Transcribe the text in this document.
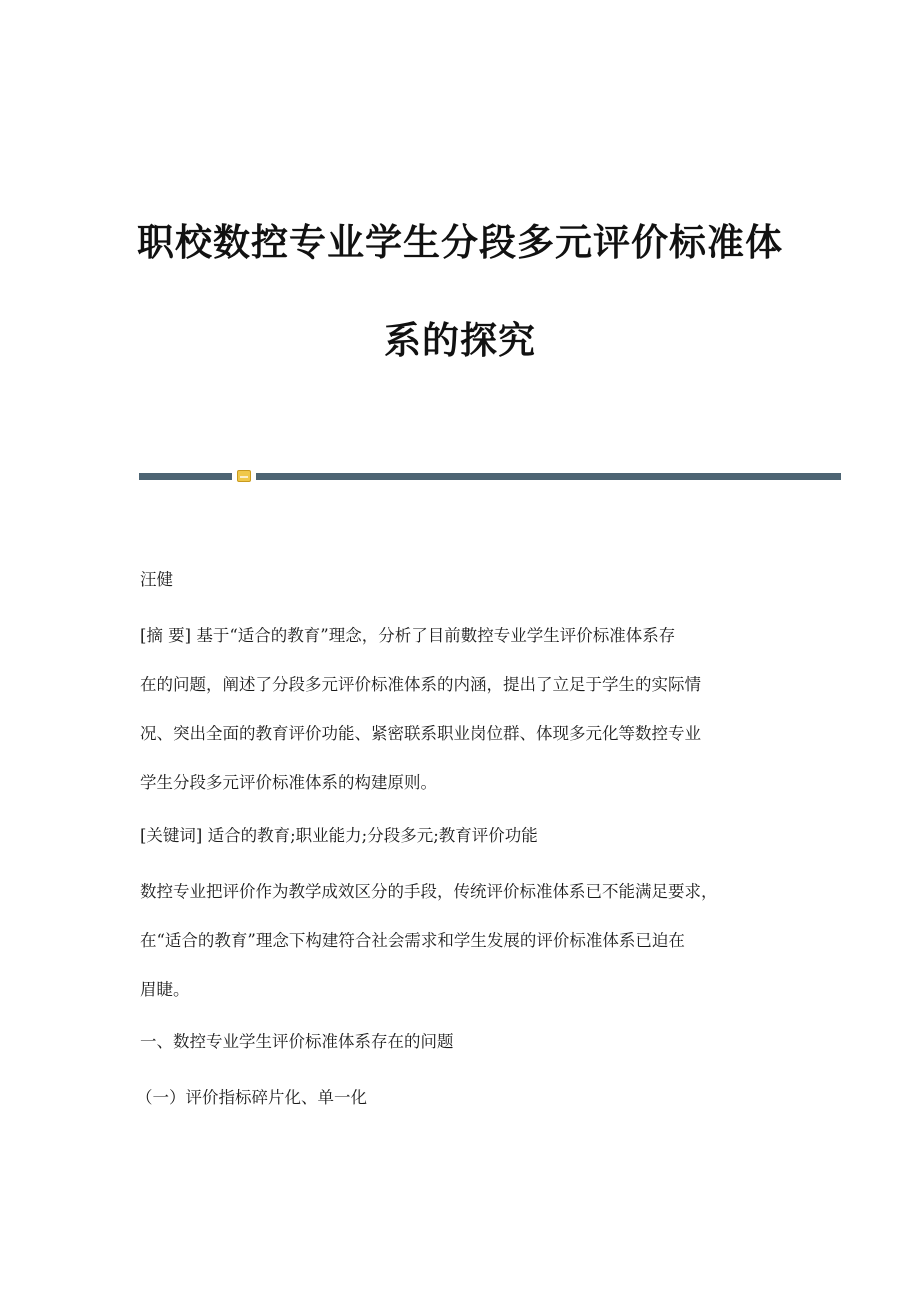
职校数控专业学生分段多元评价标准体
系的探究

汪健

[摘 要] 基于“适合的教育”理念，分析了目前數控专业学生评价标准体系存
在的问题，阐述了分段多元评价标准体系的内涵，提出了立足于学生的实际情
况、突出全面的教育评价功能、紧密联系职业岗位群、体现多元化等数控专业
学生分段多元评价标准体系的构建原则。

[关键词] 适合的教育;职业能力;分段多元;教育评价功能

数控专业把评价作为教学成效区分的手段，传统评价标准体系已不能满足要求，
在“适合的教育”理念下构建符合社会需求和学生发展的评价标准体系已迫在
眉睫。

一、数控专业学生评价标准体系存在的问题

（一）评价指标碎片化、单一化
